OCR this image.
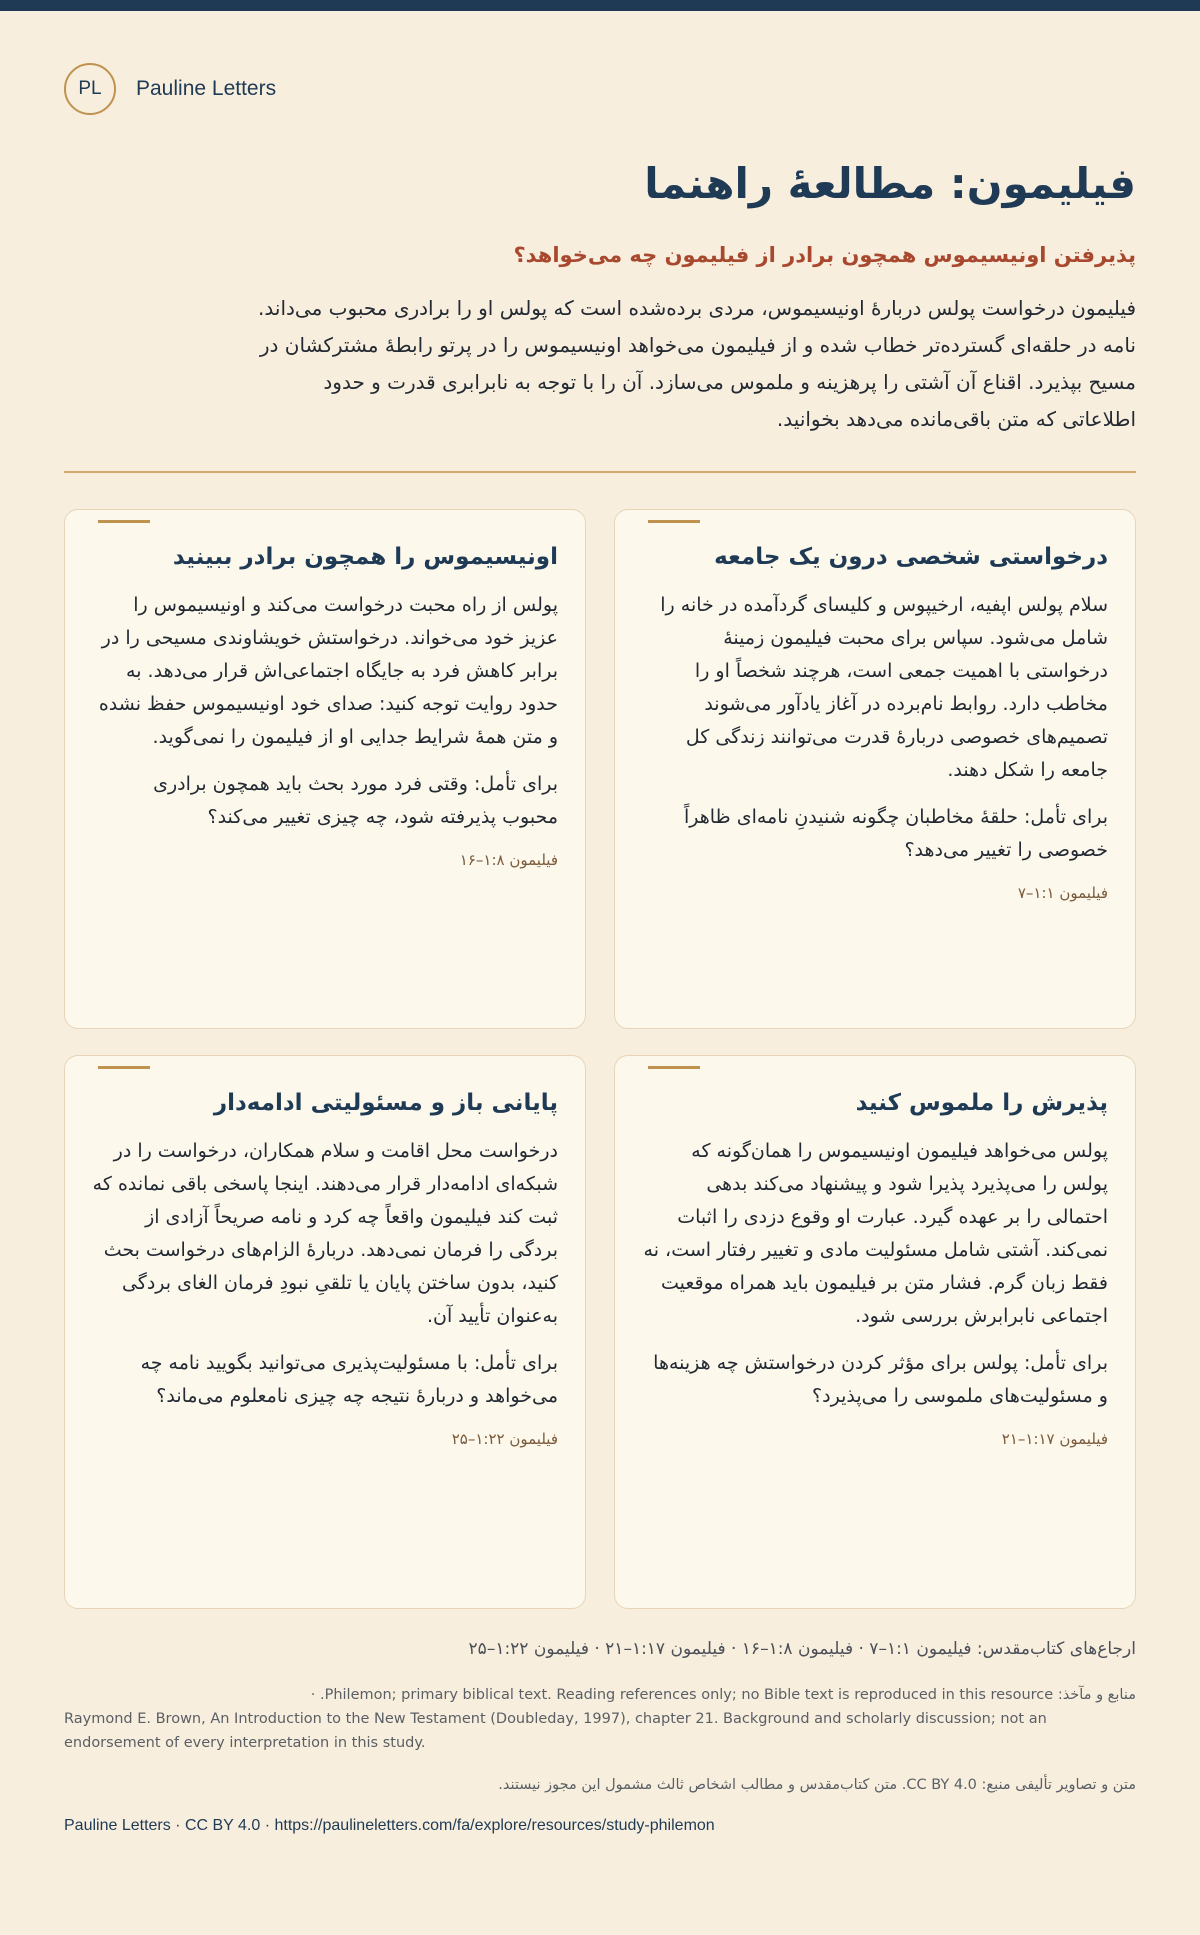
PL	Pauline Letters
فیلیمون: مطالعهٔ راهنما
پذیرفتن اونیسیموس همچون برادر از فیلیمون چه می‌خواهد؟

فیلیمون درخواست پولس دربارهٔ اونیسیموس، مردی برده‌شده است که پولس او را برادری محبوب می‌داند. نامه در حلقه‌ای گسترده‌تر خطاب شده و از فیلیمون می‌خواهد اونیسیموس را در پرتو رابطهٔ مشترکشان در مسیح بپذیرد. اقناع آن آشتی را پرهزینه و ملموس می‌سازد. آن را با توجه به نابرابری قدرت و حدود اطلاعاتی که متن باقی‌مانده می‌دهد بخوانید.

درخواستی شخصی درون یک جامعه

سلام پولس اپفیه، ارخیپوس و کلیسای گردآمده در خانه را شامل می‌شود. سپاس برای محبت فیلیمون زمینهٔ درخواستی با اهمیت جمعی است، هرچند شخصاً او را مخاطب دارد. روابط نام‌برده در آغاز یادآور می‌شوند تصمیم‌های خصوصی دربارهٔ قدرت می‌توانند زندگی کل جامعه را شکل دهند.

برای تأمل: حلقهٔ مخاطبان چگونه شنیدنِ نامه‌ای ظاهراً خصوصی را تغییر می‌دهد؟

فیلیمون ۱:۱–۷

اونیسیموس را همچون برادر ببینید

پولس از راه محبت درخواست می‌کند و اونیسیموس را عزیز خود می‌خواند. درخواستش خویشاوندی مسیحی را در برابر کاهش فرد به جایگاه اجتماعی‌اش قرار می‌دهد. به حدود روایت توجه کنید: صدای خود اونیسیموس حفظ نشده و متن همهٔ شرایط جدایی او از فیلیمون را نمی‌گوید.

برای تأمل: وقتی فرد مورد بحث باید همچون برادری محبوب پذیرفته شود، چه چیزی تغییر می‌کند؟

فیلیمون ۱:۸–۱۶

پذیرش را ملموس کنید

پولس می‌خواهد فیلیمون اونیسیموس را همان‌گونه که پولس را می‌پذیرد پذیرا شود و پیشنهاد می‌کند بدهی احتمالی را بر عهده گیرد. عبارت او وقوع دزدی را اثبات نمی‌کند. آشتی شامل مسئولیت مادی و تغییر رفتار است، نه فقط زبان گرم. فشار متن بر فیلیمون باید همراه موقعیت اجتماعی نابرابرش بررسی شود.

برای تأمل: پولس برای مؤثر کردن درخواستش چه هزینه‌ها و مسئولیت‌های ملموسی را می‌پذیرد؟

فیلیمون ۱:۱۷–۲۱

پایانی باز و مسئولیتی ادامه‌دار

درخواست محل اقامت و سلام همکاران، درخواست را در شبکه‌ای ادامه‌دار قرار می‌دهند. اینجا پاسخی باقی نمانده که ثبت کند فیلیمون واقعاً چه کرد و نامه صریحاً آزادی از بردگی را فرمان نمی‌دهد. دربارهٔ الزام‌های درخواست بحث کنید، بدون ساختن پایان یا تلقیِ نبودِ فرمان الغای بردگی به‌عنوان تأیید آن.

برای تأمل: با مسئولیت‌پذیری می‌توانید بگویید نامه چه می‌خواهد و دربارهٔ نتیجه چه چیزی نامعلوم می‌ماند؟

فیلیمون ۱:۲۲–۲۵

ارجاع‌های کتاب‌مقدس: فیلیمون ۱:۱–۷ · فیلیمون ۱:۸–۱۶ · فیلیمون ۱:۱۷–۲۱ · فیلیمون ۱:۲۲–۲۵

منابع و مآخذ: Philemon; primary biblical text. Reading references only; no Bible text is reproduced in this resource. ·
Raymond E. Brown, An Introduction to the New Testament (Doubleday, 1997), chapter 21. Background and scholarly discussion; not an endorsement of every interpretation in this study.

متن و تصاویر تألیفی منبع: CC BY 4.0. متن کتاب‌مقدس و مطالب اشخاص ثالث مشمول این مجوز نیستند.

Pauline Letters · CC BY 4.0 · https://paulineletters.com/fa/explore/resources/study-philemon
